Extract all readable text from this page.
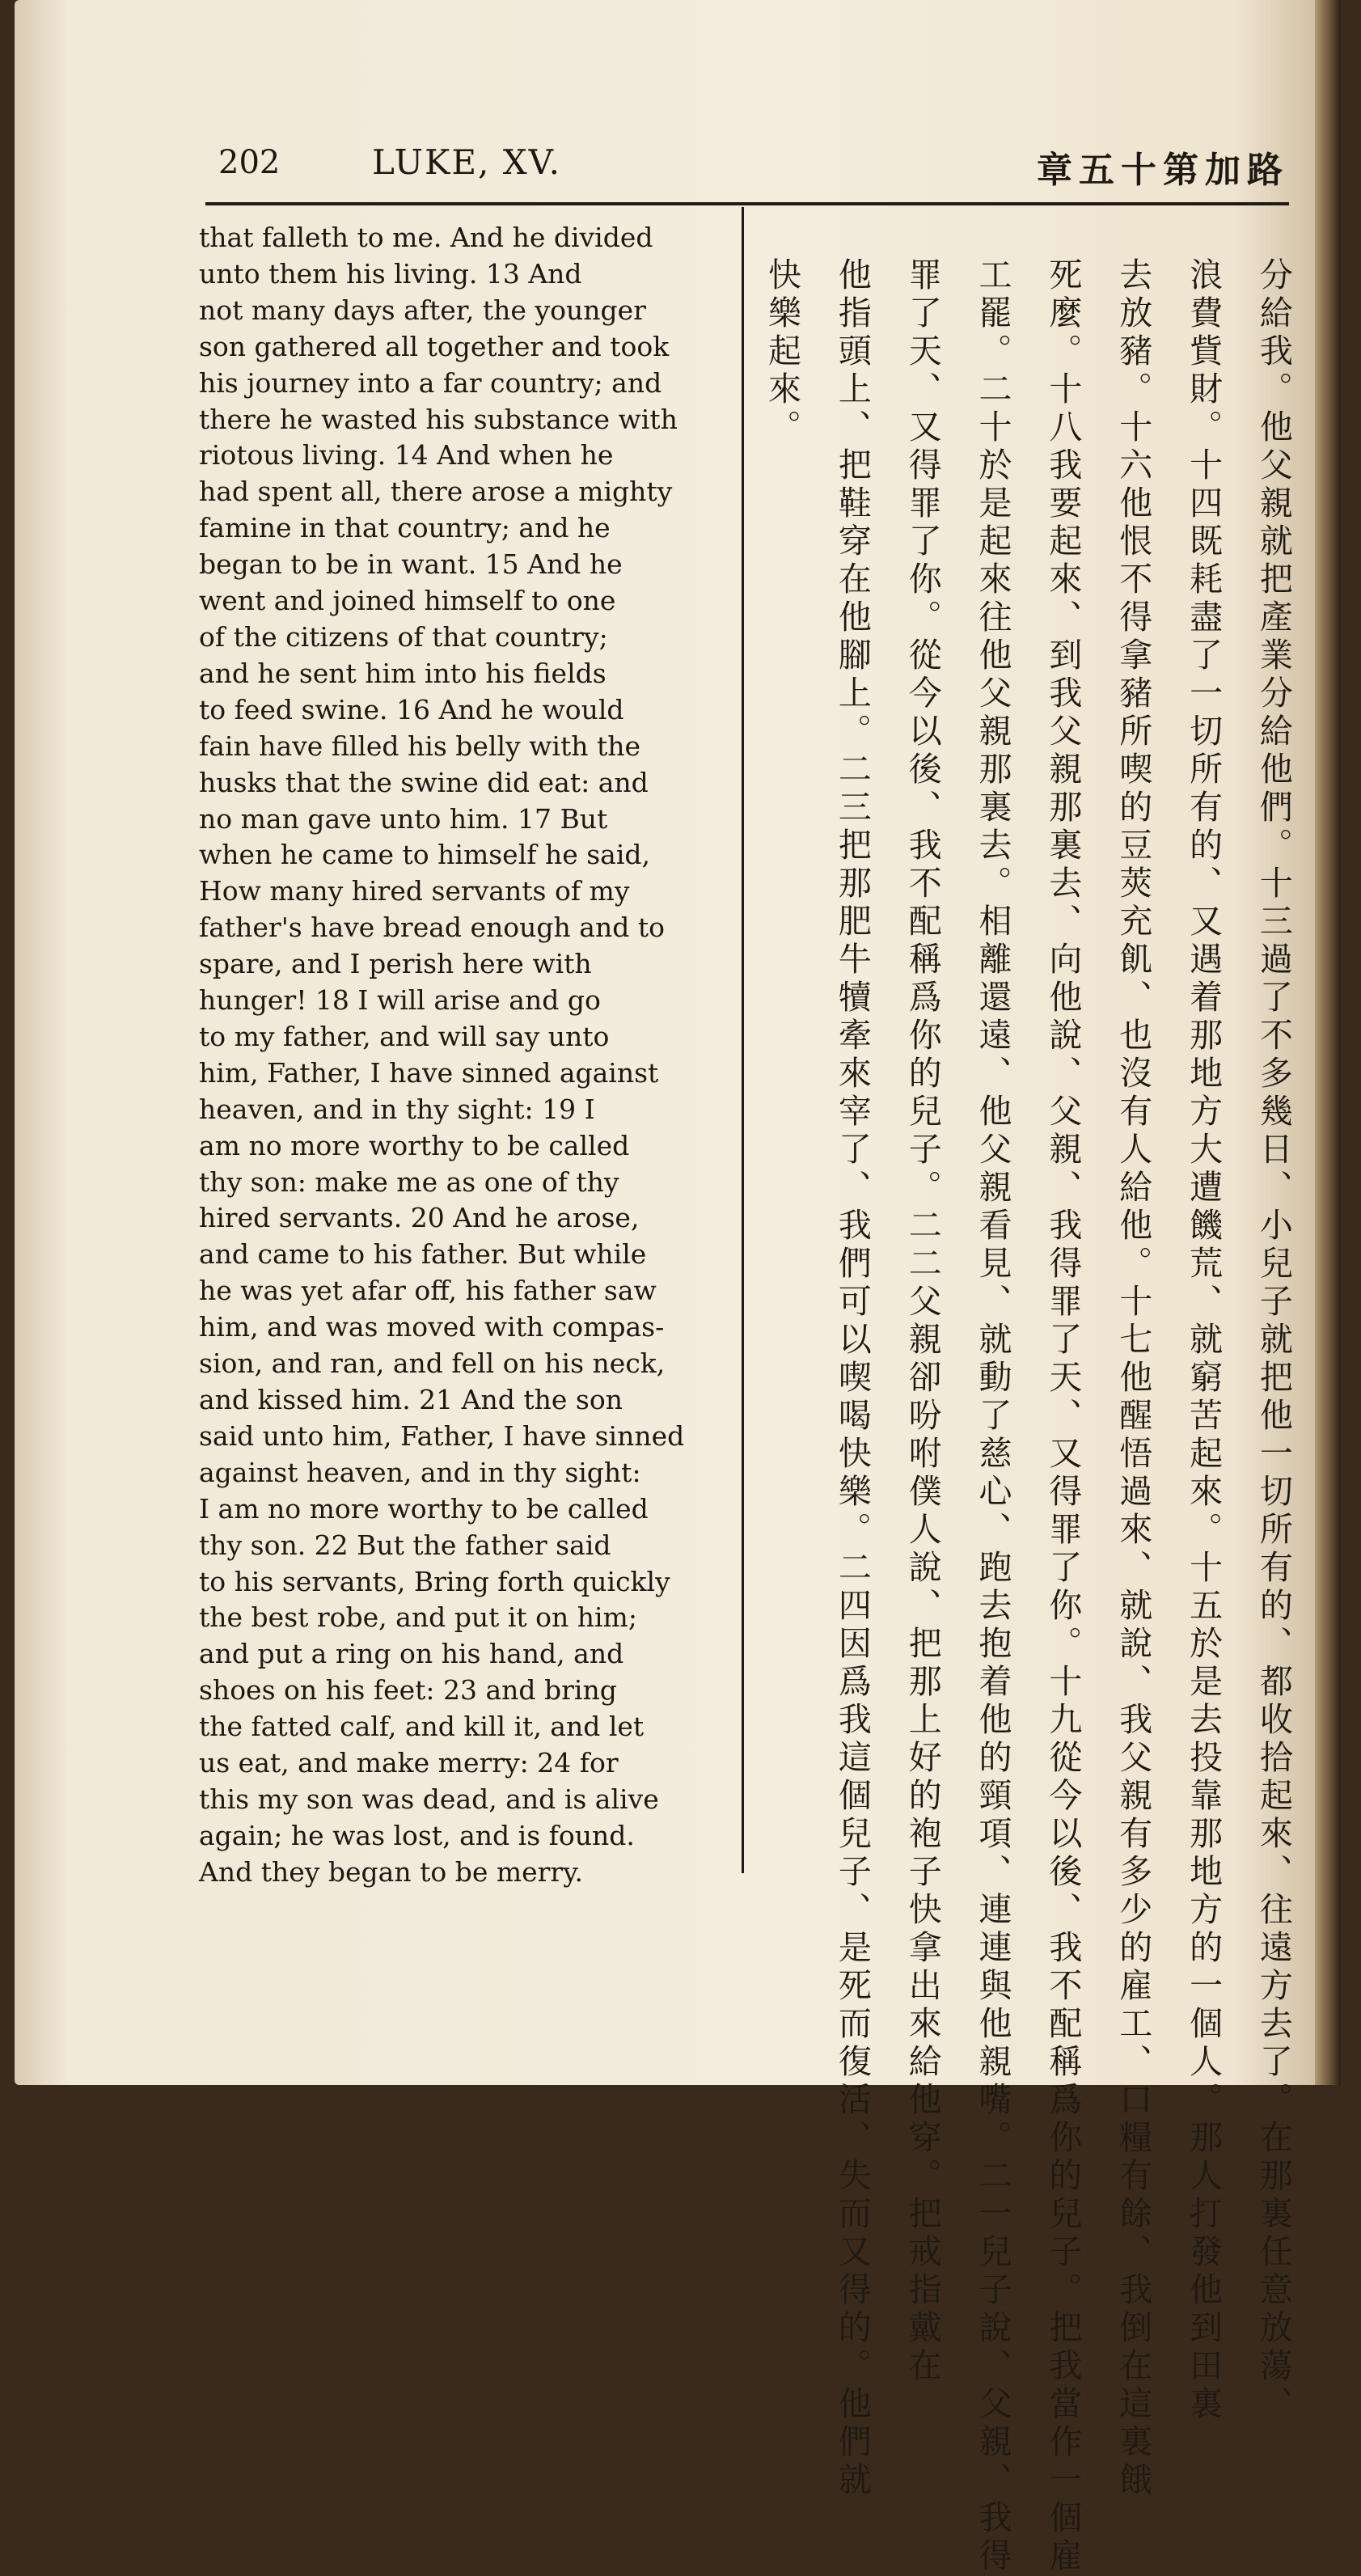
202	LUKE, XV.	路加第十五章

that falleth to me. And he divided
unto them his living. 13 And
not many days after, the younger
son gathered all together and took
his journey into a far country; and
there he wasted his substance with
riotous living. 14 And when he
had spent all, there arose a mighty
famine in that country; and he
began to be in want. 15 And he
went and joined himself to one
of the citizens of that country;
and he sent him into his fields
to feed swine. 16 And he would
fain have filled his belly with the
husks that the swine did eat: and
no man gave unto him. 17 But
when he came to himself he said,
How many hired servants of my
father's have bread enough and to
spare, and I perish here with
hunger! 18 I will arise and go
to my father, and will say unto
him, Father, I have sinned against
heaven, and in thy sight: 19 I
am no more worthy to be called
thy son: make me as one of thy
hired servants. 20 And he arose,
and came to his father. But while
he was yet afar off, his father saw
him, and was moved with compas-
sion, and ran, and fell on his neck,
and kissed him. 21 And the son
said unto him, Father, I have sinned
against heaven, and in thy sight:
I am no more worthy to be called
thy son. 22 But the father said
to his servants, Bring forth quickly
the best robe, and put it on him;
and put a ring on his hand, and
shoes on his feet: 23 and bring
the fatted calf, and kill it, and let
us eat, and make merry: 24 for
this my son was dead, and is alive
again; he was lost, and is found.
And they began to be merry.	分給我。他父親就把產業分給他們。十三過了不多幾日、小兒子就把他一切所有的、都收拾起來、往遠方去了。在那裏任意放蕩、
浪費貲財。十四既耗盡了一切所有的、又遇着那地方大遭饑荒、就窮苦起來。十五於是去投靠那地方的一個人。那人打發他到田裏
去放豬。十六他恨不得拿豬所喫的豆莢充飢、也沒有人給他。十七他醒悟過來、就說、我父親有多少的雇工、口糧有餘、我倒在這裏餓
死麼。十八我要起來、到我父親那裏去、向他說、父親、我得罪了天、又得罪了你。十九從今以後、我不配稱爲你的兒子。把我當作一個雇
工罷。二十於是起來往他父親那裏去。相離還遠、他父親看見、就動了慈心、跑去抱着他的頸項、連連與他親嘴。二一兒子說、父親、我得
罪了天、又得罪了你。從今以後、我不配稱爲你的兒子。二二父親卻吩咐僕人說、把那上好的袍子快拿出來給他穿。把戒指戴在
他指頭上、把鞋穿在他腳上。二三把那肥牛犢牽來宰了、我們可以喫喝快樂。二四因爲我這個兒子、是死而復活、失而又得的。他們就
快樂起來。
